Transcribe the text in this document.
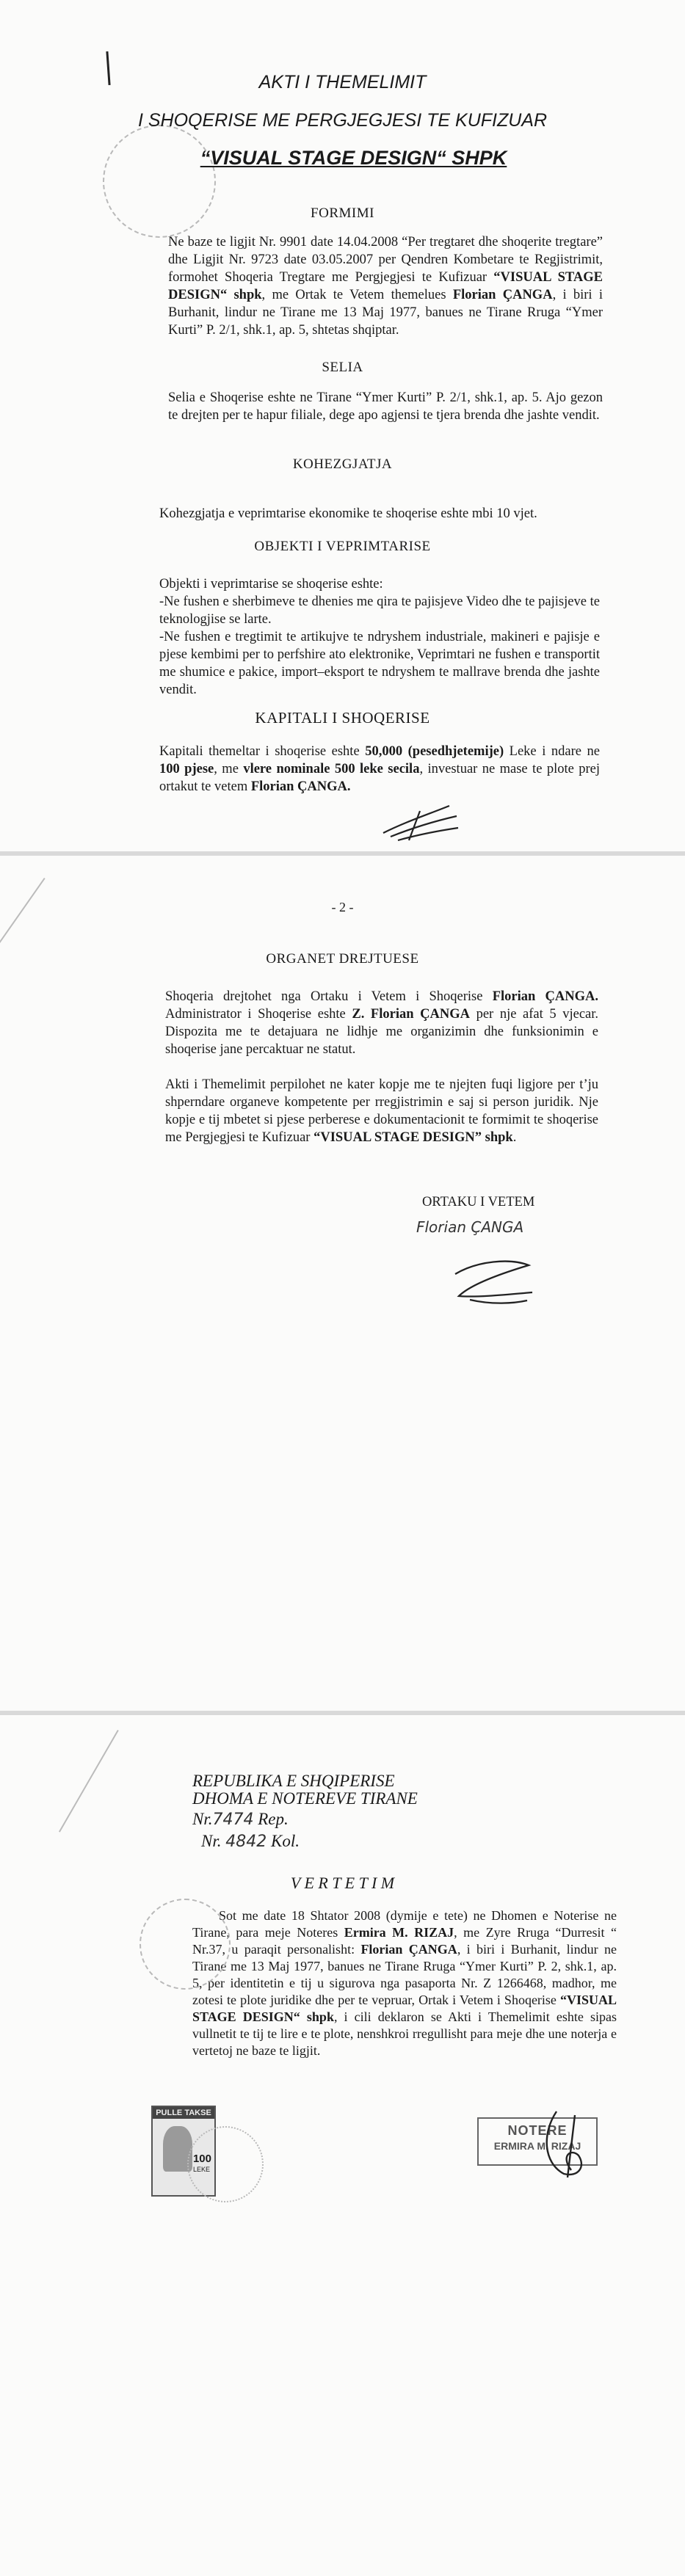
AKTI I THEMELIMIT

I SHOQERISE ME PERGJEGJESI TE KUFIZUAR

“VISUAL STAGE DESIGN“ SHPK

FORMIMI

Ne baze te ligjit Nr. 9901 date 14.04.2008 “Per tregtaret dhe shoqerite tregtare” dhe Ligjit Nr. 9723 date 03.05.2007 per Qendren Kombetare te Regjistrimit, formohet Shoqeria Tregtare me Pergjegjesi te Kufizuar “VISUAL STAGE DESIGN“ shpk, me Ortak te Vetem themelues Florian ÇANGA, i biri i Burhanit, lindur ne Tirane me 13 Maj 1977, banues ne Tirane Rruga “Ymer Kurti” P. 2/1, shk.1, ap. 5, shtetas shqiptar.

SELIA

Selia e Shoqerise eshte ne Tirane “Ymer Kurti” P. 2/1, shk.1, ap. 5. Ajo gezon te drejten per te hapur filiale, dege apo agjensi te tjera brenda dhe jashte vendit.

KOHEZGJATJA

Kohezgjatja e veprimtarise ekonomike te shoqerise eshte mbi 10 vjet.

OBJEKTI I VEPRIMTARISE

Objekti i veprimtarise se shoqerise eshte:

-Ne fushen e sherbimeve te dhenies me qira te pajisjeve Video dhe te pajisjeve te teknologjise se larte.

-Ne fushen e tregtimit te artikujve te ndryshem industriale, makineri e pajisje e pjese kembimi per to perfshire ato elektronike, Veprimtari ne fushen e transportit me shumice e pakice, import–eksport te ndryshem te mallrave brenda dhe jashte vendit.

KAPITALI I SHOQERISE

Kapitali themeltar i shoqerise eshte 50,000 (pesedhjetemije) Leke i ndare ne 100 pjese, me vlere nominale 500 leke secila, investuar ne mase te plote prej ortakut te vetem Florian ÇANGA.

- 2 -

ORGANET DREJTUESE

Shoqeria drejtohet nga Ortaku i Vetem i Shoqerise Florian ÇANGA. Administrator i Shoqerise eshte Z. Florian ÇANGA per nje afat 5 vjecar. Dispozita me te detajuara ne lidhje me organizimin dhe funksionimin e shoqerise jane percaktuar ne statut.

Akti i Themelimit perpilohet ne kater kopje me te njejten fuqi ligjore per t’ju shperndare organeve kompetente per rregjistrimin e saj si person juridik. Nje kopje e tij mbetet si pjese perberese e dokumentacionit te formimit te shoqerise me Pergjegjesi te Kufizuar “VISUAL STAGE DESIGN” shpk.

ORTAKU I VETEM

Florian ÇANGA

REPUBLIKA E SHQIPERISE

DHOMA E NOTEREVE TIRANE

Nr.7474 Rep.

Nr. 4842 Kol.

V E R T E T I M

Sot me date 18 Shtator 2008 (dymije e tete) ne Dhomen e Noterise ne Tirane, para meje Noteres Ermira M. RIZAJ, me Zyre Rruga “Durresit “ Nr.37, u paraqit personalisht: Florian ÇANGA, i biri i Burhanit, lindur ne Tirane me 13 Maj 1977, banues ne Tirane Rruga “Ymer Kurti” P. 2, shk.1, ap. 5, per identitetin e tij u sigurova nga pasaporta Nr. Z 1266468, madhor, me zotesi te plote juridike dhe per te vepruar, Ortak i Vetem i Shoqerise “VISUAL STAGE DESIGN“ shpk, i cili deklaron se Akti i Themelimit eshte sipas vullnetit te tij te lire e te plote, nenshkroi rregullisht para meje dhe une noterja e vertetoj ne baze te ligjit.

PULLE TAKSE
100
LEKE
NOTERE
ERMIRA M. RIZAJ
